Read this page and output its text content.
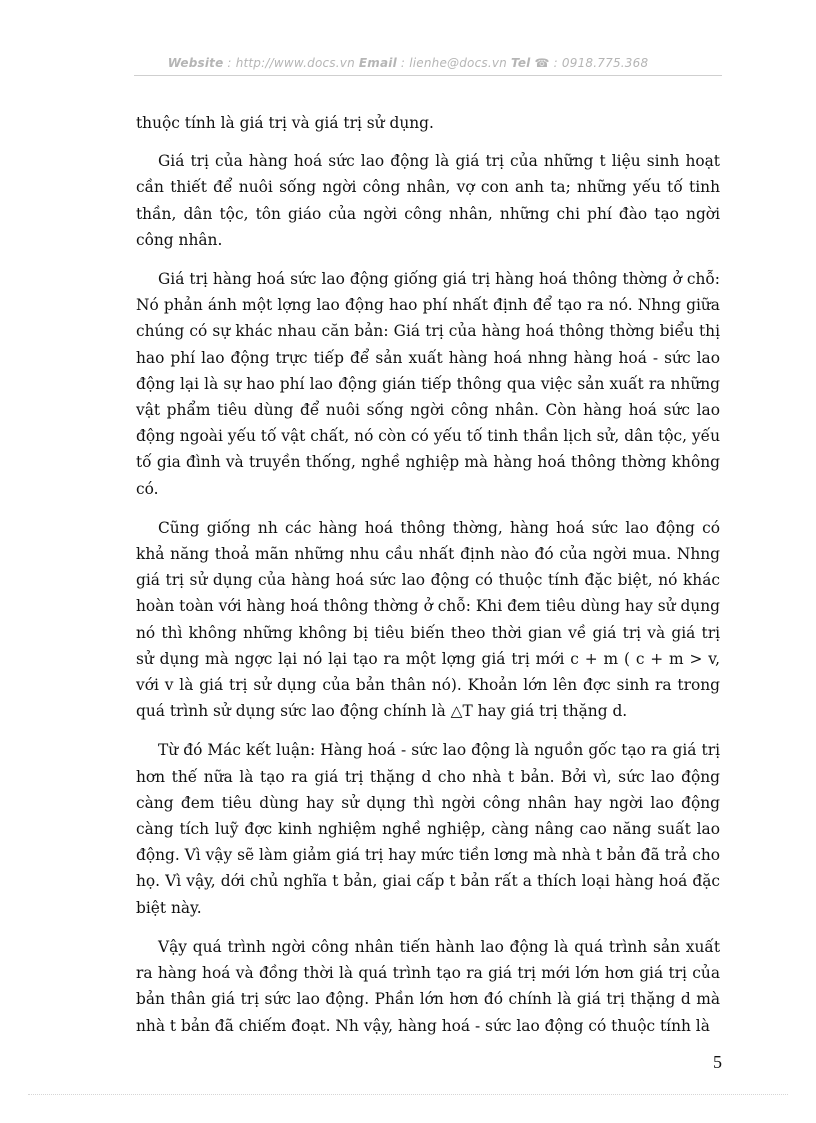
Website : http://www.docs.vn Email : lienhe@docs.vn Tel ☎ : 0918.775.368

thuộc tính là giá trị và giá trị sử dụng.

Giá trị của hàng hoá sức lao động là giá trị của những t liệu sinh hoạt cần thiết để nuôi sống ngời công nhân, vợ con anh ta; những yếu tố tinh thần, dân tộc, tôn giáo của ngời công nhân, những chi phí đào tạo ngời công nhân.

Giá trị hàng hoá sức lao động giống giá trị hàng hoá thông thờng ở chỗ: Nó phản ánh một lợng lao động hao phí nhất định để tạo ra nó. Nhng giữa chúng có sự khác nhau căn bản: Giá trị của hàng hoá thông thờng biểu thị hao phí lao động trực tiếp để sản xuất hàng hoá nhng hàng hoá - sức lao động lại là sự hao phí lao động gián tiếp thông qua việc sản xuất ra những vật phẩm tiêu dùng để nuôi sống ngời công nhân. Còn hàng hoá sức lao động ngoài yếu tố vật chất, nó còn có yếu tố tinh thần lịch sử, dân tộc, yếu tố gia đình và truyền thống, nghề nghiệp mà hàng hoá thông thờng không có.

Cũng giống nh các hàng hoá thông thờng, hàng hoá sức lao động có khả năng thoả mãn những nhu cầu nhất định nào đó của ngời mua. Nhng giá trị sử dụng của hàng hoá sức lao động có thuộc tính đặc biệt, nó khác hoàn toàn với hàng hoá thông thờng ở chỗ: Khi đem tiêu dùng hay sử dụng nó thì không những không bị tiêu biến theo thời gian về giá trị và giá trị sử dụng mà ngợc lại nó lại tạo ra một lợng giá trị mới c + m ( c + m > v, với v là giá trị sử dụng của bản thân nó). Khoản lớn lên đợc sinh ra trong quá trình sử dụng sức lao động chính là △T hay giá trị thặng d.

Từ đó Mác kết luận: Hàng hoá - sức lao động là nguồn gốc tạo ra giá trị hơn thế nữa là tạo ra giá trị thặng d cho nhà t bản. Bởi vì, sức lao động càng đem tiêu dùng hay sử dụng thì ngời công nhân hay ngời lao động càng tích luỹ đợc kinh nghiệm nghề nghiệp, càng nâng cao năng suất lao động. Vì vậy sẽ làm giảm giá trị hay mức tiền lơng mà nhà t bản đã trả cho họ. Vì vậy, dới chủ nghĩa t bản, giai cấp t bản rất a thích loại hàng hoá đặc biệt này.

Vậy quá trình ngời công nhân tiến hành lao động là quá trình sản xuất ra hàng hoá và đồng thời là quá trình tạo ra giá trị mới lớn hơn giá trị của bản thân giá trị sức lao động. Phần lớn hơn đó chính là giá trị thặng d mà nhà t bản đã chiếm đoạt. Nh vậy, hàng hoá - sức lao động có thuộc tính là

5
